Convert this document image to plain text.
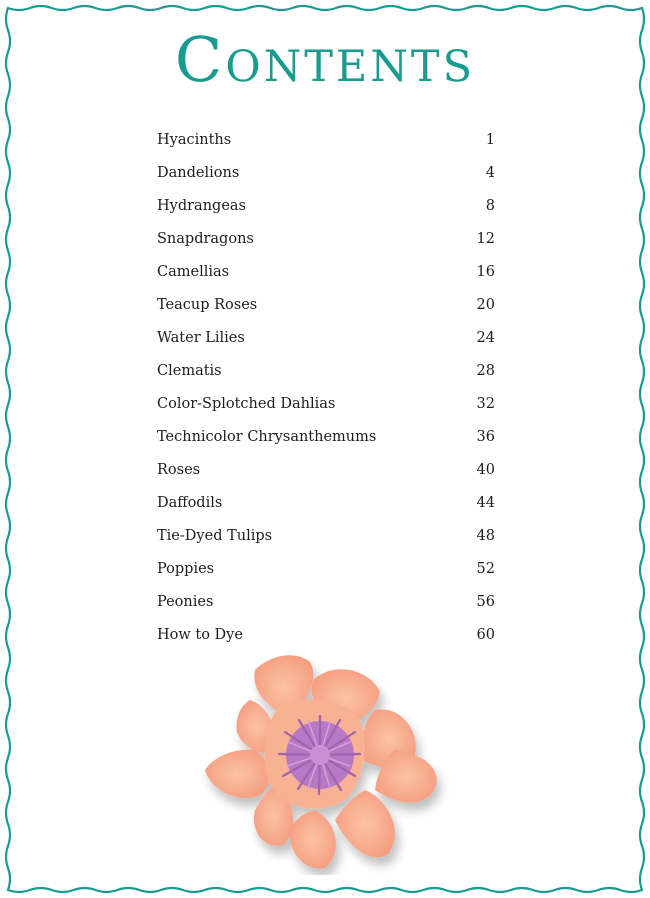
Contents
Hyacinths	1
Dandelions	4
Hydrangeas	8
Snapdragons	12
Camellias	16
Teacup Roses	20
Water Lilies	24
Clematis	28
Color-Splotched Dahlias	32
Technicolor Chrysanthemums	36
Roses	40
Daffodils	44
Tie-Dyed Tulips	48
Poppies	52
Peonies	56
How to Dye	60
